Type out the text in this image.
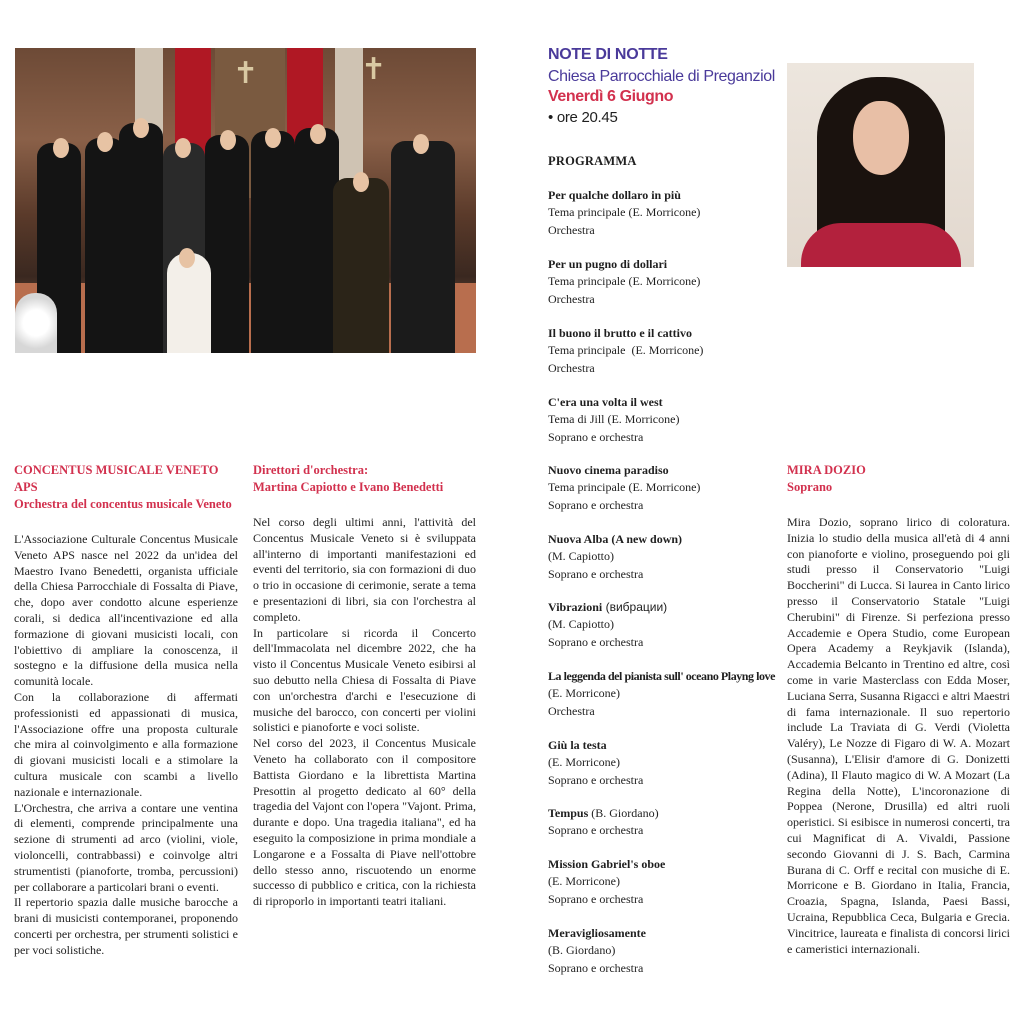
✝	✝
CONCENTUS MUSICALE VENETO APS
Orchestra del concentus musicale Veneto

L'Associazione Culturale Concentus Musicale Veneto APS nasce nel 2022 da un'idea del Maestro Ivano Benedetti, organista ufficiale della Chiesa Parrocchiale di Fossalta di Piave, che, dopo aver condotto alcune esperienze corali, si dedica all'incentivazione ed alla formazione di giovani musicisti locali, con l'obiettivo di ampliare la conoscenza, il sostegno e la diffusione della musica nella comunità locale.

Con la collaborazione di affermati professionisti ed appassionati di musica, l'Associazione offre una proposta culturale che mira al coinvolgimento e alla formazione di giovani musicisti locali e a stimolare la cultura musicale con scambi a livello nazionale e internazionale.

L'Orchestra, che arriva a contare une ventina di elementi, comprende principalmente una sezione di strumenti ad arco (violini, viole, violoncelli, contrabbassi) e coinvolge altri strumentisti (pianoforte, tromba, percussioni) per collaborare a particolari brani o eventi.

Il repertorio spazia dalle musiche barocche a brani di musicisti contemporanei, proponendo concerti per orchestra, per strumenti solistici e per voci solistiche.

Direttori d'orchestra:
Martina Capiotto e Ivano Benedetti

Nel corso degli ultimi anni, l'attività del Concentus Musicale Veneto si è sviluppata all'interno di importanti manifestazioni ed eventi del territorio, sia con formazioni di duo o trio in occasione di cerimonie, serate a tema e presentazioni di libri, sia con l'orchestra al completo.

In particolare si ricorda il Concerto dell'Immacolata nel dicembre 2022, che ha visto il Concentus Musicale Veneto esibirsi al suo debutto nella Chiesa di Fossalta di Piave con un'orchestra d'archi e l'esecuzione di musiche del barocco, con concerti per violini solistici e pianoforte e voci soliste.

Nel corso del 2023, il Concentus Musicale Veneto ha collaborato con il compositore Battista Giordano e la librettista Martina Presottin al progetto dedicato al 60° della tragedia del Vajont con l'opera "Vajont. Prima, durante e dopo. Una tragedia italiana", ed ha eseguito la composizione in prima mondiale a Longarone e a Fossalta di Piave nell'ottobre dello stesso anno, riscuotendo un enorme successo di pubblico e critica, con la richiesta di riproporlo in importanti teatri italiani.

NOTE DI NOTTE
Chiesa Parrocchiale di Preganziol
Venerdì 6 Giugno
• ore 20.45
PROGRAMMA
Per qualche dollaro in più
Tema principale (E. Morricone)
Orchestra
Per un pugno di dollari
Tema principale (E. Morricone)
Orchestra
Il buono il brutto e il cattivo
Tema principale  (E. Morricone)
Orchestra
C'era una volta il west
Tema di Jill (E. Morricone)
Soprano e orchestra
Nuovo cinema paradiso
Tema principale (E. Morricone)
Soprano e orchestra
Nuova Alba (A new down)
(M. Capiotto)
Soprano e orchestra
Vibrazioni (вибрации)
(M. Capiotto)
Soprano e orchestra
La leggenda del pianista sull' oceano Playng love
(E. Morricone)
Orchestra
Giù la testa
(E. Morricone)
Soprano e orchestra
Tempus (B. Giordano)
Soprano e orchestra
Mission Gabriel's oboe
(E. Morricone)
Soprano e orchestra
Meravigliosamente
(B. Giordano)
Soprano e orchestra
MIRA DOZIO
Soprano

Mira Dozio, soprano lirico di coloratura. Inizia lo studio della musica all'età di 4 anni con pianoforte e violino, proseguendo poi gli studi presso il Conservatorio "Luigi Boccherini" di Lucca. Si laurea in Canto lirico presso il Conservatorio Statale "Luigi Cherubini" di Firenze. Si perfeziona presso Accademie e Opera Studio, come European Opera Academy a Reykjavik (Islanda), Accademia Belcanto in Trentino ed altre, così come in varie Masterclass con Edda Moser, Luciana Serra, Susanna Rigacci e altri Maestri di fama internazionale. Il suo repertorio include La Traviata di G. Verdi (Violetta Valéry), Le Nozze di Figaro di W. A. Mozart (Susanna), L'Elisir d'amore di G. Donizetti (Adina), Il Flauto magico di W. A Mozart (La Regina della Notte), L'incoronazione di Poppea (Nerone, Drusilla) ed altri ruoli operistici. Si esibisce in numerosi concerti, tra cui Magnificat di A. Vivaldi, Passione secondo Giovanni di J. S. Bach, Carmina Burana di C. Orff e recital con musiche di E. Morricone e B. Giordano in Italia, Francia, Croazia, Spagna, Islanda, Paesi Bassi, Ucraina, Repubblica Ceca, Bulgaria e Grecia. Vincitrice, laureata e finalista di concorsi lirici e cameristici internazionali.
